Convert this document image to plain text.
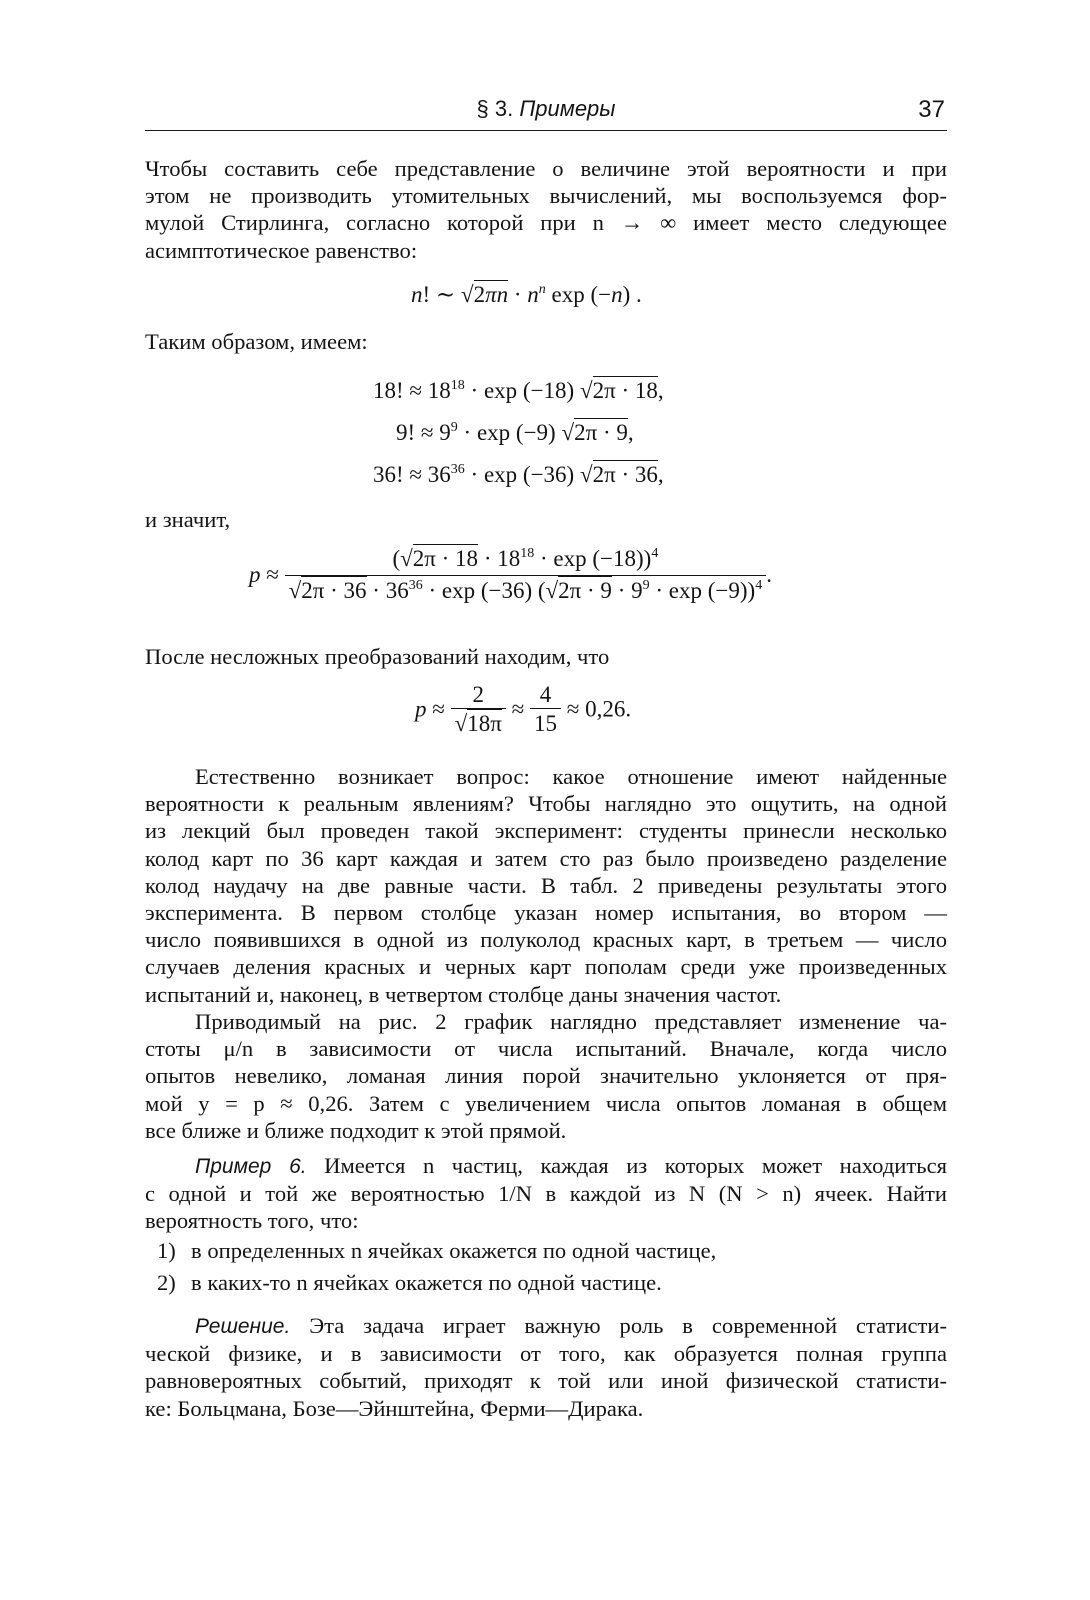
§ 3. Примеры	37
Чтобы составить себе представление о величине этой вероятности и при
этом не производить утомительных вычислений, мы воспользуемся фор-
мулой Стирлинга, согласно которой при n → ∞ имеет место следующее
асимптотическое равенство:
n! ∼ $√2\pi n \cdot n^n$ exp (−n) .
Таким образом, имеем:
18! ≈ $18^{18} \cdot \exp (-18) √2\pi \cdot 18$,
9! ≈ $9^9 \cdot \exp (-9) √2\pi \cdot 9$,
36! ≈ $36^{36} \cdot \exp (-36) √2\pi \cdot 36$,
и значит,
$p \approx \frac{(√2\pi \cdot 18 \cdot 18^{18} \cdot \exp (-18))^4}{√2\pi \cdot 36 \cdot 36^{36} \cdot \exp (-36) (√2\pi \cdot 9 \cdot 9^9 \cdot \exp (-9))^4}$ .
После несложных преобразований находим, что
$p \approx \frac{2}{√18\pi} \approx \frac{4}{15} \approx 0,26$.
Естественно возникает вопрос: какое отношение имеют найденные
вероятности к реальным явлениям? Чтобы наглядно это ощутить, на одной
из лекций был проведен такой эксперимент: студенты принесли несколько
колод карт по 36 карт каждая и затем сто раз было произведено разделение
колод наудачу на две равные части. В табл. 2 приведены результаты этого
эксперимента. В первом столбце указан номер испытания, во втором —
число появившихся в одной из полуколод красных карт, в третьем — число
случаев деления красных и черных карт пополам среди уже произведенных
испытаний и, наконец, в четвертом столбце даны значения частот.
Приводимый на рис. 2 график наглядно представляет изменение ча-
стоты μ/n в зависимости от числа испытаний. Вначале, когда число
опытов невелико, ломаная линия порой значительно уклоняется от пря-
мой y = p ≈ 0,26. Затем с увеличением числа опытов ломаная в общем
все ближе и ближе подходит к этой прямой.
Пример 6. Имеется n частиц, каждая из которых может находиться
с одной и той же вероятностью 1/N в каждой из N (N > n) ячеек. Найти
вероятность того, что:
1) в определенных n ячейках окажется по одной частице,
2) в каких-то n ячейках окажется по одной частице.
Решение. Эта задача играет важную роль в современной статисти-
ческой физике, и в зависимости от того, как образуется полная группа
равновероятных событий, приходят к той или иной физической статисти-
ке: Больцмана, Бозе—Эйнштейна, Ферми—Дирака.
